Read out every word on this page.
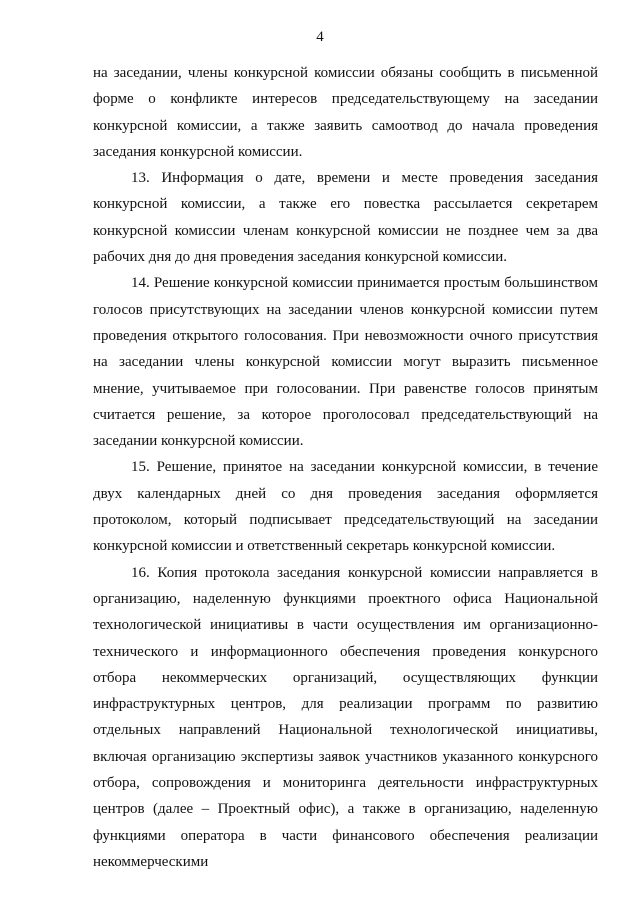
4

на заседании, члены конкурсной комиссии обязаны сообщить в письменной форме о конфликте интересов председательствующему на заседании конкурсной комиссии, а также заявить самоотвод до начала проведения заседания конкурсной комиссии.

13. Информация о дате, времени и месте проведения заседания конкурсной комиссии, а также его повестка рассылается секретарем конкурсной комиссии членам конкурсной комиссии не позднее чем за два рабочих дня до дня проведения заседания конкурсной комиссии.

14. Решение конкурсной комиссии принимается простым большинством голосов присутствующих на заседании членов конкурсной комиссии путем проведения открытого голосования. При невозможности очного присутствия на заседании члены конкурсной комиссии могут выразить письменное мнение, учитываемое при голосовании. При равенстве голосов принятым считается решение, за которое проголосовал председательствующий на заседании конкурсной комиссии.

15. Решение, принятое на заседании конкурсной комиссии, в течение двух календарных дней со дня проведения заседания оформляется протоколом, который подписывает председательствующий на заседании конкурсной комиссии и ответственный секретарь конкурсной комиссии.

16. Копия протокола заседания конкурсной комиссии направляется в организацию, наделенную функциями проектного офиса Национальной технологической инициативы в части осуществления им организационно-технического и информационного обеспечения проведения конкурсного отбора некоммерческих организаций, осуществляющих функции инфраструктурных центров, для реализации программ по развитию отдельных направлений Национальной технологической инициативы, включая организацию экспертизы заявок участников указанного конкурсного отбора, сопровождения и мониторинга деятельности инфраструктурных центров (далее – Проектный офис), а также в организацию, наделенную функциями оператора в части финансового обеспечения реализации некоммерческими
